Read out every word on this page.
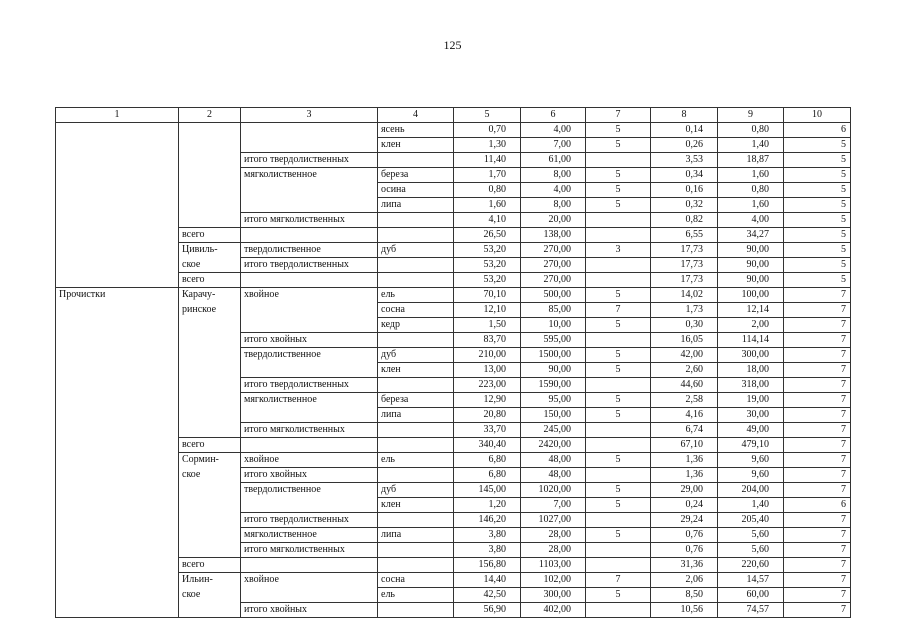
125
1	2	3	4	5	6	7	8	9	10
			ясень	0,70	4,00	5	0,14	0,80	6
			клен	1,30	7,00	5	0,26	1,40	5
		итого твердолиственных		11,40	61,00		3,53	18,87	5
		мягколиственное	береза	1,70	8,00	5	0,34	1,60	5
			осина	0,80	4,00	5	0,16	0,80	5
			липа	1,60	8,00	5	0,32	1,60	5
		итого мягколиственных		4,10	20,00		0,82	4,00	5
	всего			26,50	138,00		6,55	34,27	5
	Цивиль-	твердолиственное	дуб	53,20	270,00	3	17,73	90,00	5
	ское	итого твердолиственных		53,20	270,00		17,73	90,00	5
	всего			53,20	270,00		17,73	90,00	5
Прочистки	Карачу-	хвойное	ель	70,10	500,00	5	14,02	100,00	7
	ринское		сосна	12,10	85,00	7	1,73	12,14	7
			кедр	1,50	10,00	5	0,30	2,00	7
		итого хвойных		83,70	595,00		16,05	114,14	7
		твердолиственное	дуб	210,00	1500,00	5	42,00	300,00	7
			клен	13,00	90,00	5	2,60	18,00	7
		итого твердолиственных		223,00	1590,00		44,60	318,00	7
		мягколиственное	береза	12,90	95,00	5	2,58	19,00	7
			липа	20,80	150,00	5	4,16	30,00	7
		итого мягколиственных		33,70	245,00		6,74	49,00	7
	всего			340,40	2420,00		67,10	479,10	7
	Сормин-	хвойное	ель	6,80	48,00	5	1,36	9,60	7
	ское	итого хвойных		6,80	48,00		1,36	9,60	7
		твердолиственное	дуб	145,00	1020,00	5	29,00	204,00	7
			клен	1,20	7,00	5	0,24	1,40	6
		итого твердолиственных		146,20	1027,00		29,24	205,40	7
		мягколиственное	липа	3,80	28,00	5	0,76	5,60	7
		итого мягколиственных		3,80	28,00		0,76	5,60	7
	всего			156,80	1103,00		31,36	220,60	7
	Ильин-	хвойное	сосна	14,40	102,00	7	2,06	14,57	7
	ское		ель	42,50	300,00	5	8,50	60,00	7
		итого хвойных		56,90	402,00		10,56	74,57	7
